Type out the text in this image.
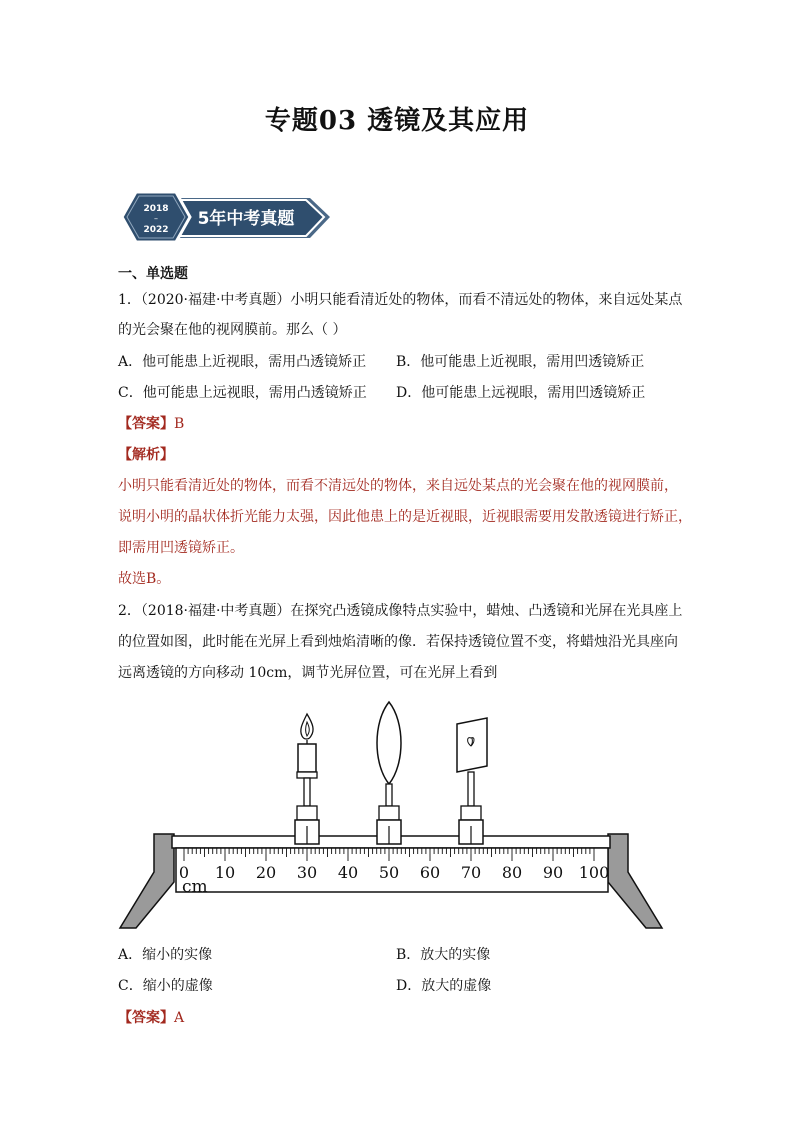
专题03 透镜及其应用
2018
–
2022
5年中考真题
一、单选题
1．（2020·福建·中考真题）小明只能看清近处的物体，而看不清远处的物体，来自远处某点
的光会聚在他的视网膜前。那么（ ）
A．他可能患上近视眼，需用凸透镜矫正 B．他可能患上近视眼，需用凹透镜矫正
C．他可能患上远视眼，需用凸透镜矫正 D．他可能患上远视眼，需用凹透镜矫正
【答案】B
【解析】
小明只能看清近处的物体，而看不清远处的物体，来自远处某点的光会聚在他的视网膜前，
说明小明的晶状体折光能力太强，因此他患上的是近视眼，近视眼需要用发散透镜进行矫正，
即需用凹透镜矫正。
故选B。
2．（2018·福建·中考真题）在探究凸透镜成像特点实验中，蜡烛、凸透镜和光屏在光具座上
的位置如图，此时能在光屏上看到烛焰清晰的像．若保持透镜位置不变，将蜡烛沿光具座向
远离透镜的方向移动 10cm，调节光屏位置，可在光屏上看到
0 10 20 30 40 50 60 70 80 90 100
cm
A．缩小的实像	B．放大的实像
C．缩小的虚像	D．放大的虚像
【答案】A
